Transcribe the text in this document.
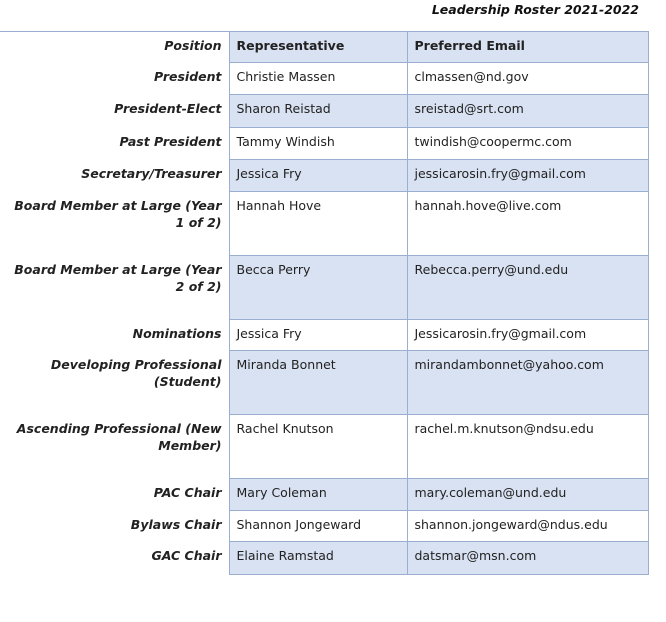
Leadership Roster 2021-2022
Position	Representative	Preferred Email
President	Christie Massen	clmassen@nd.gov
President-Elect	Sharon Reistad	sreistad@srt.com
Past President	Tammy Windish	twindish@coopermc.com
Secretary/Treasurer	Jessica Fry	jessicarosin.fry@gmail.com
Board Member at Large (Year 1 of 2)	Hannah Hove	hannah.hove@live.com
Board Member at Large (Year 2 of 2)	Becca Perry	Rebecca.perry@und.edu
Nominations	Jessica Fry	Jessicarosin.fry@gmail.com
Developing Professional (Student)	Miranda Bonnet	mirandambonnet@yahoo.com
Ascending Professional (New Member)	Rachel Knutson	rachel.m.knutson@ndsu.edu
PAC Chair	Mary Coleman	mary.coleman@und.edu
Bylaws Chair	Shannon Jongeward	shannon.jongeward@ndus.edu
GAC Chair	Elaine Ramstad	datsmar@msn.com
